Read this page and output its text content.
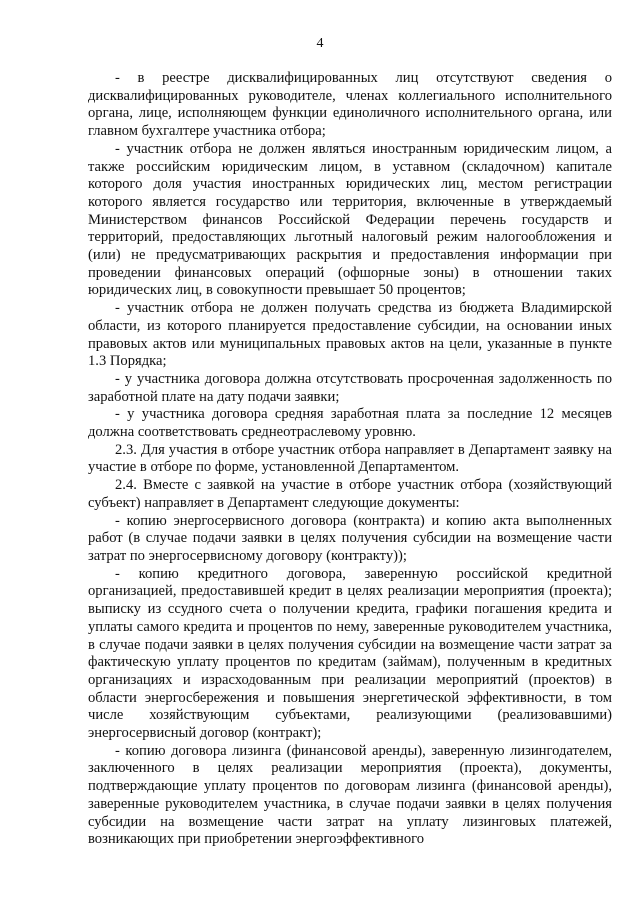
4

- в реестре дисквалифицированных лиц отсутствуют сведения о дисквалифицированных руководителе, членах коллегиального исполнительного органа, лице, исполняющем функции единоличного исполнительного органа, или главном бухгалтере участника отбора;

- участник отбора не должен являться иностранным юридическим лицом, а также российским юридическим лицом, в уставном (складочном) капитале которого доля участия иностранных юридических лиц, местом регистрации которого является государство или территория, включенные в утверждаемый Министерством финансов Российской Федерации перечень государств и территорий, предоставляющих льготный налоговый режим налогообложения и (или) не предусматривающих раскрытия и предоставления информации при проведении финансовых операций (офшорные зоны) в отношении таких юридических лиц, в совокупности превышает 50 процентов;

- участник отбора не должен получать средства из бюджета Владимирской области, из которого планируется предоставление субсидии, на основании иных правовых актов или муниципальных правовых актов на цели, указанные в пункте 1.3 Порядка;

- у участника договора должна отсутствовать просроченная задолженность по заработной плате на дату подачи заявки;

- у участника договора средняя заработная плата за последние 12 месяцев должна соответствовать среднеотраслевому уровню.

2.3. Для участия в отборе участник отбора направляет в Департамент заявку на участие в отборе по форме, установленной Департаментом.

2.4. Вместе с заявкой на участие в отборе участник отбора (хозяйствующий субъект) направляет в Департамент следующие документы:

- копию энергосервисного договора (контракта) и копию акта выполненных работ (в случае подачи заявки в целях получения субсидии на возмещение части затрат по энергосервисному договору (контракту));

- копию кредитного договора, заверенную российской кредитной организацией, предоставившей кредит в целях реализации мероприятия (проекта); выписку из ссудного счета о получении кредита, графики погашения кредита и уплаты самого кредита и процентов по нему, заверенные руководителем участника, в случае подачи заявки в целях получения субсидии на возмещение части затрат за фактическую уплату процентов по кредитам (займам), полученным в кредитных организациях и израсходованным при реализации мероприятий (проектов) в области энергосбережения и повышения энергетической эффективности, в том числе хозяйствующим субъектами, реализующими (реализовавшими) энергосервисный договор (контракт);

- копию договора лизинга (финансовой аренды), заверенную лизингодателем, заключенного в целях реализации мероприятия (проекта), документы, подтверждающие уплату процентов по договорам лизинга (финансовой аренды), заверенные руководителем участника, в случае подачи заявки в целях получения субсидии на возмещение части затрат на уплату лизинговых платежей, возникающих при приобретении энергоэффективного
